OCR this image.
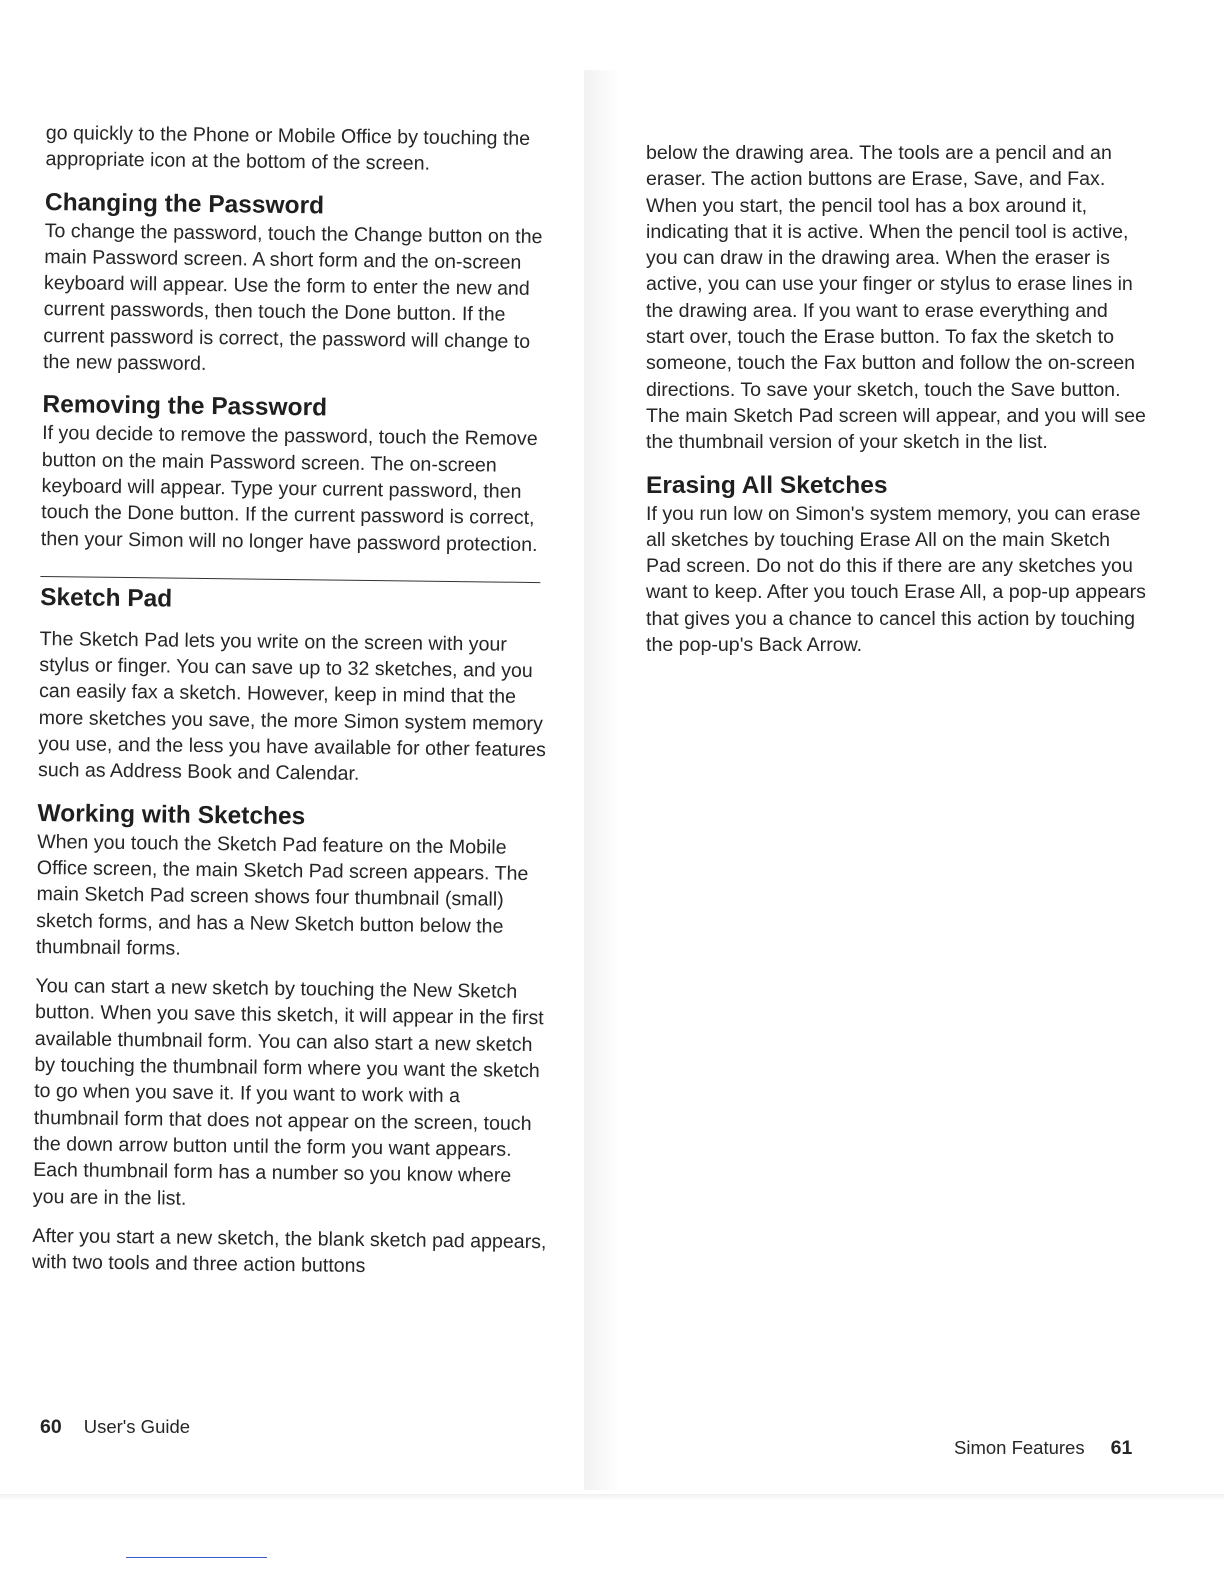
go quickly to the Phone or Mobile Office by touching the appropriate icon at the bottom of the screen.

Changing the Password

To change the password, touch the Change button on the main Password screen. A short form and the on-screen keyboard will appear. Use the form to enter the new and current passwords, then touch the Done button. If the current password is correct, the password will change to the new password.

Removing the Password

If you decide to remove the password, touch the Remove button on the main Password screen. The on-screen keyboard will appear. Type your current password, then touch the Done button. If the current password is correct, then your Simon will no longer have password protection.

Sketch Pad

The Sketch Pad lets you write on the screen with your stylus or finger. You can save up to 32 sketches, and you can easily fax a sketch. However, keep in mind that the more sketches you save, the more Simon system memory you use, and the less you have available for other features such as Address Book and Calendar.

Working with Sketches

When you touch the Sketch Pad feature on the Mobile Office screen, the main Sketch Pad screen appears. The main Sketch Pad screen shows four thumbnail (small) sketch forms, and has a New Sketch button below the thumbnail forms.

You can start a new sketch by touching the New Sketch button. When you save this sketch, it will appear in the first available thumbnail form. You can also start a new sketch by touching the thumbnail form where you want the sketch to go when you save it. If you want to work with a thumbnail form that does not appear on the screen, touch the down arrow button until the form you want appears. Each thumbnail form has a number so you know where you are in the list.

After you start a new sketch, the blank sketch pad appears, with two tools and three action buttons

60 User's Guide

below the drawing area. The tools are a pencil and an eraser. The action buttons are Erase, Save, and Fax. When you start, the pencil tool has a box around it, indicating that it is active. When the pencil tool is active, you can draw in the drawing area. When the eraser is active, you can use your finger or stylus to erase lines in the drawing area. If you want to erase everything and start over, touch the Erase button. To fax the sketch to someone, touch the Fax button and follow the on-screen directions. To save your sketch, touch the Save button. The main Sketch Pad screen will appear, and you will see the thumbnail version of your sketch in the list.

Erasing All Sketches

If you run low on Simon's system memory, you can erase all sketches by touching Erase All on the main Sketch Pad screen. Do not do this if there are any sketches you want to keep. After you touch Erase All, a pop-up appears that gives you a chance to cancel this action by touching the pop-up's Back Arrow.

Simon Features 61
